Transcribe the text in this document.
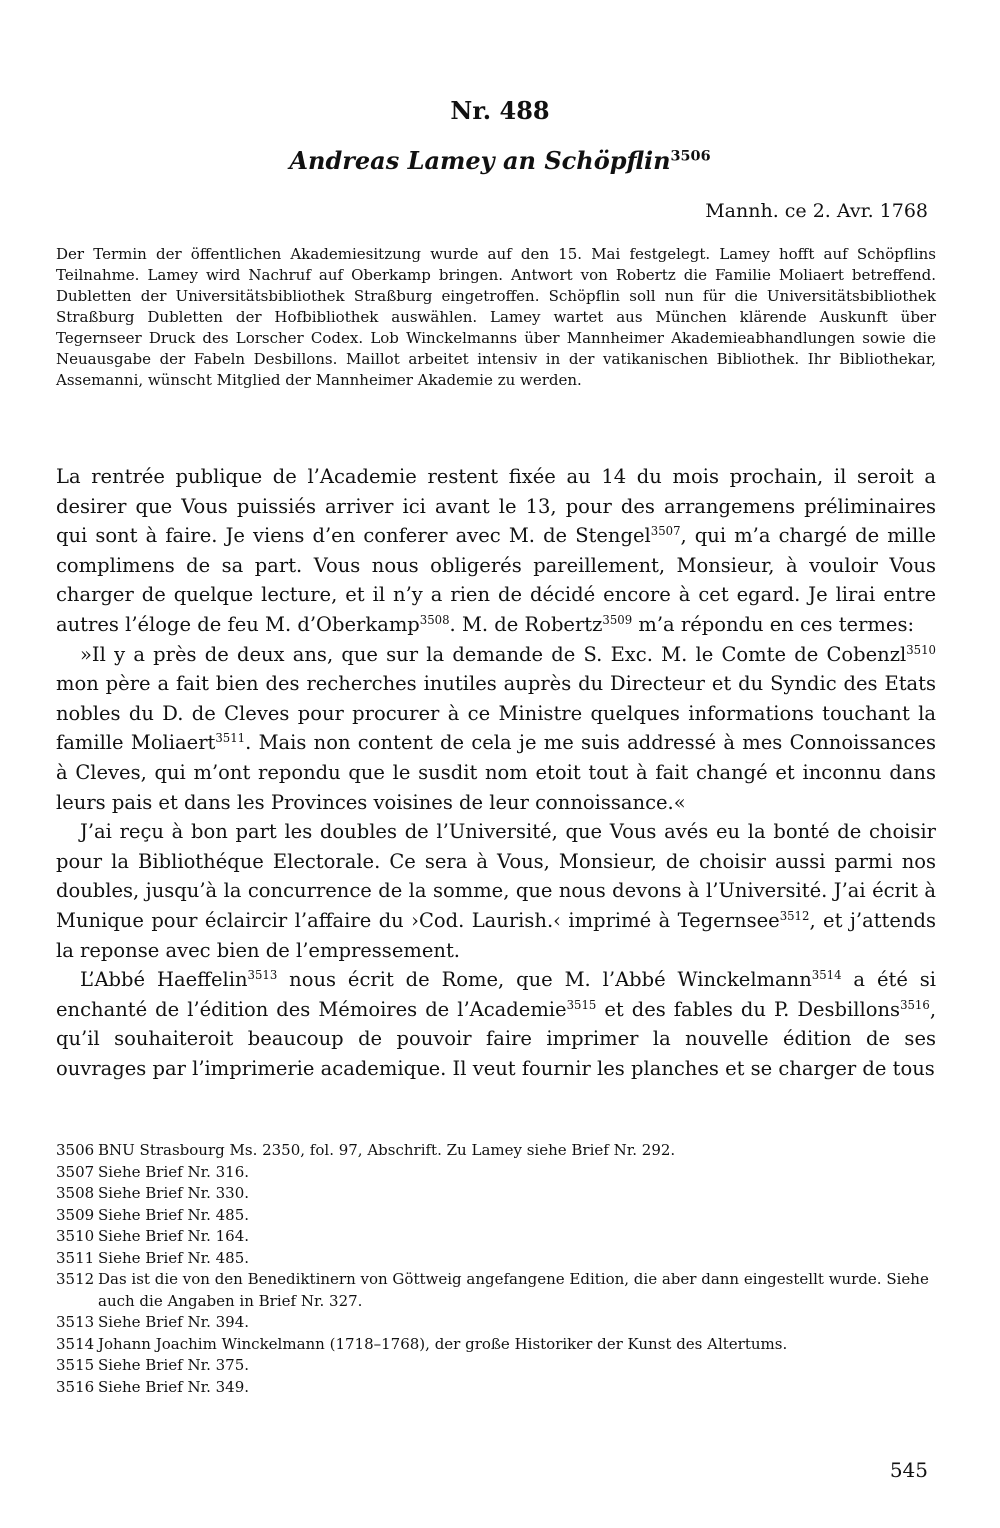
Nr. 488
Andreas Lamey an Schöpflin$^{3506}$

Mannh. ce 2. Avr. 1768

Der Termin der öffentlichen Akademiesitzung wurde auf den 15. Mai festgelegt. Lamey hofft auf Schöpflins Teilnahme. Lamey wird Nachruf auf Oberkamp bringen. Antwort von Robertz die Familie Moliaert betreffend. Dubletten der Universitätsbibliothek Straßburg eingetroffen. Schöpflin soll nun für die Universitätsbibliothek Straßburg Dubletten der Hofbibliothek auswählen. Lamey wartet aus München klärende Auskunft über Tegernseer Druck des Lorscher Codex. Lob Winckelmanns über Mannheimer Akademieabhandlungen sowie die Neuausgabe der Fabeln Desbillons. Maillot arbeitet intensiv in der vatikanischen Bibliothek. Ihr Bibliothekar, Assemanni, wünscht Mitglied der Mannheimer Akademie zu werden.

La rentrée publique de l’Academie restent fixée au 14 du mois prochain, il seroit a desirer que Vous puissiés arriver ici avant le 13, pour des arrangemens préliminaires qui sont à faire. Je viens d’en conferer avec M. de Stengel$^{3507}$, qui m’a chargé de mille complimens de sa part. Vous nous obligerés pareillement, Monsieur, à vouloir Vous charger de quelque lecture, et il n’y a rien de décidé encore à cet egard. Je lirai entre autres l’éloge de feu M. d’Oberkamp$^{3508}$. M. de Robertz$^{3509}$ m’a répondu en ces termes:

»Il y a près de deux ans, que sur la demande de S. Exc. M. le Comte de Cobenzl$^{3510}$ mon père a fait bien des recherches inutiles auprès du Directeur et du Syndic des Etats nobles du D. de Cleves pour procurer à ce Ministre quelques informations touchant la famille Moliaert$^{3511}$. Mais non content de cela je me suis addressé à mes Connoissances à Cleves, qui m’ont repondu que le susdit nom etoit tout à fait changé et inconnu dans leurs pais et dans les Provinces voisines de leur connoissance.«

J’ai reçu à bon part les doubles de l’Université, que Vous avés eu la bonté de choisir pour la Bibliothéque Electorale. Ce sera à Vous, Monsieur, de choisir aussi parmi nos doubles, jusqu’à la concurrence de la somme, que nous devons à l’Université. J’ai écrit à Munique pour éclaircir l’affaire du ›Cod. Laurish.‹ imprimé à Tegernsee$^{3512}$, et j’attends la reponse avec bien de l’empressement.

L’Abbé Haeffelin$^{3513}$ nous écrit de Rome, que M. l’Abbé Winckelmann$^{3514}$ a été si enchanté de l’édition des Mémoires de l’Academie$^{3515}$ et des fables du P. Desbillons$^{3516}$, qu’il souhaiteroit beaucoup de pouvoir faire imprimer la nouvelle édition de ses ouvrages par l’imprimerie academique. Il veut fournir les planches et se charger de tous

3506 BNU Strasbourg Ms. 2350, fol. 97, Abschrift. Zu Lamey siehe Brief Nr. 292.
3507 Siehe Brief Nr. 316.
3508 Siehe Brief Nr. 330.
3509 Siehe Brief Nr. 485.
3510 Siehe Brief Nr. 164.
3511 Siehe Brief Nr. 485.
3512 Das ist die von den Benediktinern von Göttweig angefangene Edition, die aber dann eingestellt wurde. Siehe auch die Angaben in Brief Nr. 327.
3513 Siehe Brief Nr. 394.
3514 Johann Joachim Winckelmann (1718–1768), der große Historiker der Kunst des Altertums.
3515 Siehe Brief Nr. 375.
3516 Siehe Brief Nr. 349.

545
